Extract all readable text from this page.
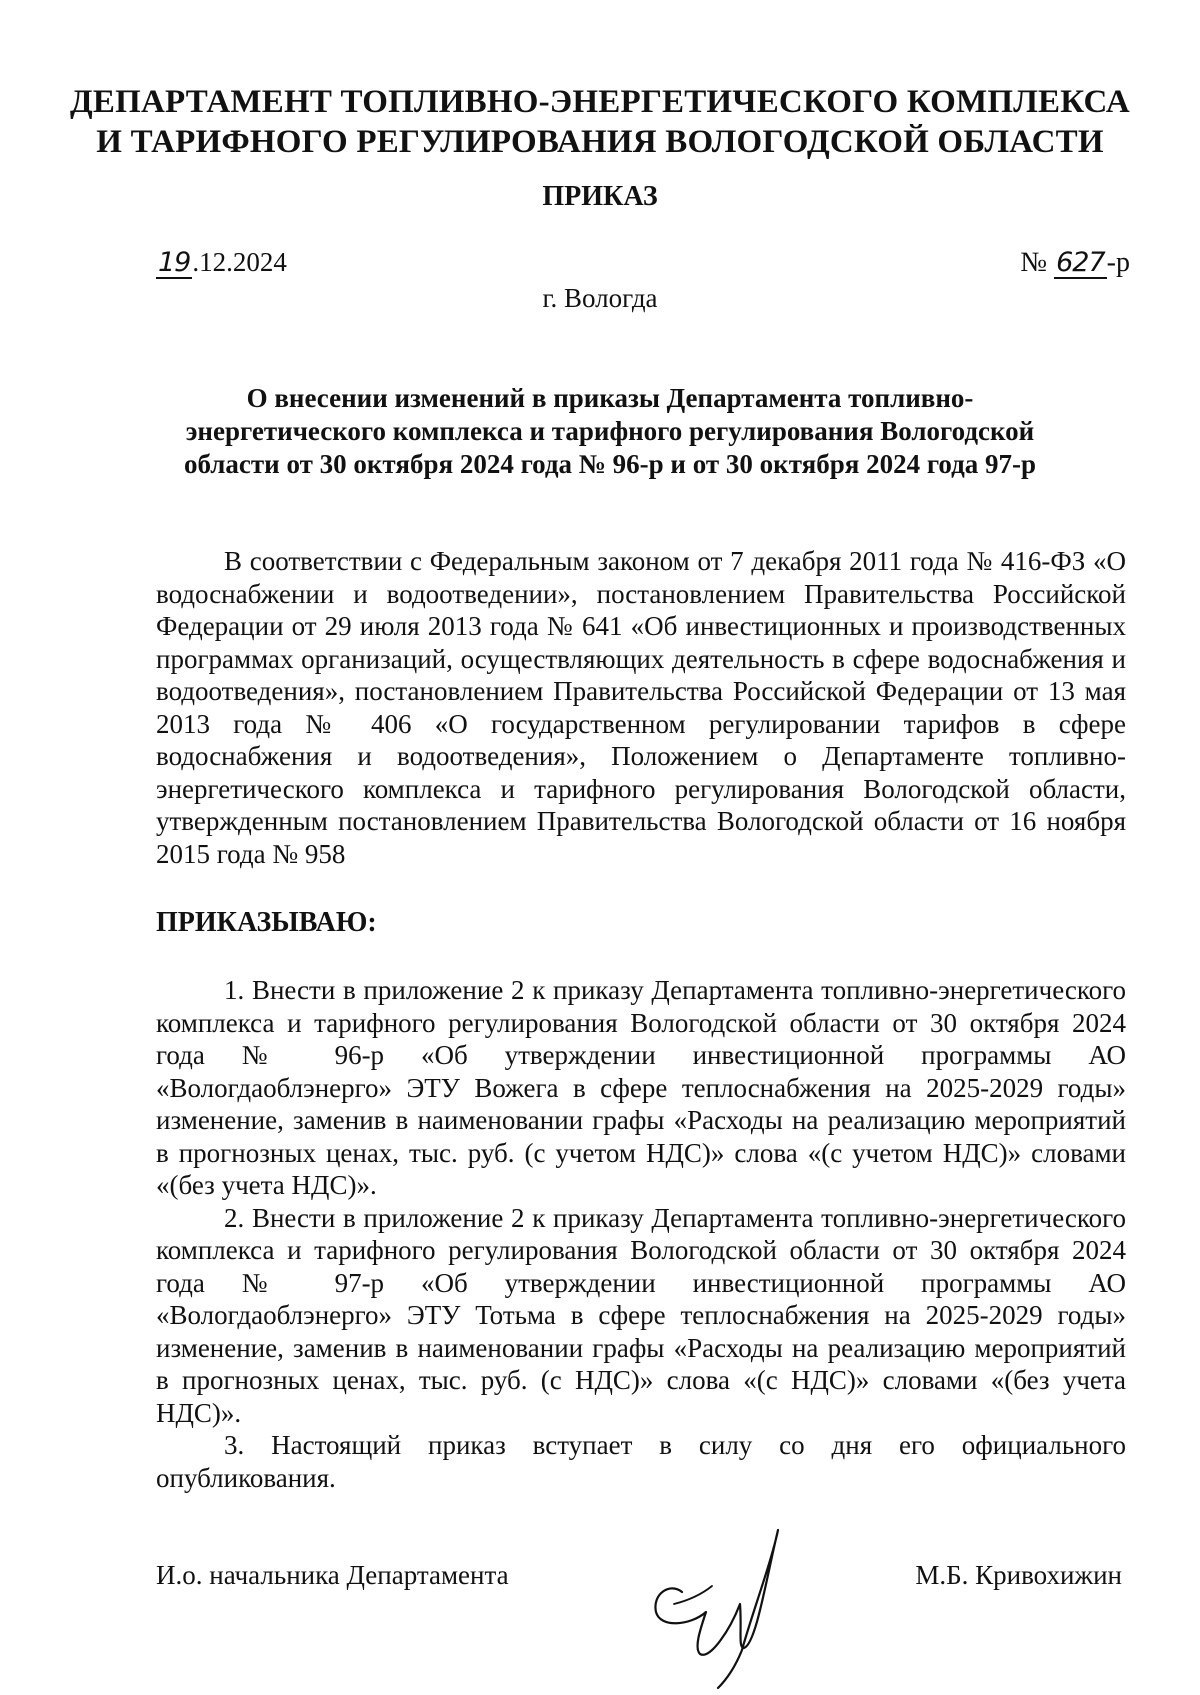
ДЕПАРТАМЕНТ ТОПЛИВНО-ЭНЕРГЕТИЧЕСКОГО КОМПЛЕКСА
И ТАРИФНОГО РЕГУЛИРОВАНИЯ ВОЛОГОДСКОЙ ОБЛАСТИ
ПРИКАЗ
19.12.2024	№ 627-р
г. Вологда
О внесении изменений в приказы Департамента топливно-
энергетического комплекса и тарифного регулирования Вологодской
области от 30 октября 2024 года № 96-р и от 30 октября 2024 года 97-р
В соответствии с Федеральным законом от 7 декабря 2011 года № 416-ФЗ «О водоснабжении и водоотведении», постановлением Правительства Российской Федерации от 29 июля 2013 года № 641 «Об инвестиционных и производственных программах организаций, осуществляющих деятельность в сфере водоснабжения и водоотведения», постановлением Правительства Российской Федерации от 13 мая 2013 года № 406 «О государственном регулировании тарифов в сфере водоснабжения и водоотведения», Положением о Департаменте топливно-энергетического комплекса и тарифного регулирования Вологодской области, утвержденным постановлением Правительства Вологодской области от 16 ноября 2015 года № 958
ПРИКАЗЫВАЮ:

1. Внести в приложение 2 к приказу Департамента топливно-энергетического комплекса и тарифного регулирования Вологодской области от 30 октября 2024 года № 96-р «Об утверждении инвестиционной программы АО «Вологдаоблэнерго» ЭТУ Вожега в сфере теплоснабжения на 2025-2029 годы» изменение, заменив в наименовании графы «Расходы на реализацию мероприятий в прогнозных ценах, тыс. руб. (с учетом НДС)» слова «(с учетом НДС)» словами «(без учета НДС)».

2. Внести в приложение 2 к приказу Департамента топливно-энергетического комплекса и тарифного регулирования Вологодской области от 30 октября 2024 года № 97-р «Об утверждении инвестиционной программы АО «Вологдаоблэнерго» ЭТУ Тотьма в сфере теплоснабжения на 2025-2029 годы» изменение, заменив в наименовании графы «Расходы на реализацию мероприятий в прогнозных ценах, тыс. руб. (с НДС)» слова «(с НДС)» словами «(без учета НДС)».

3. Настоящий приказ вступает в силу со дня его официального опубликования.

И.о. начальника Департамента	М.Б. Кривохижин
